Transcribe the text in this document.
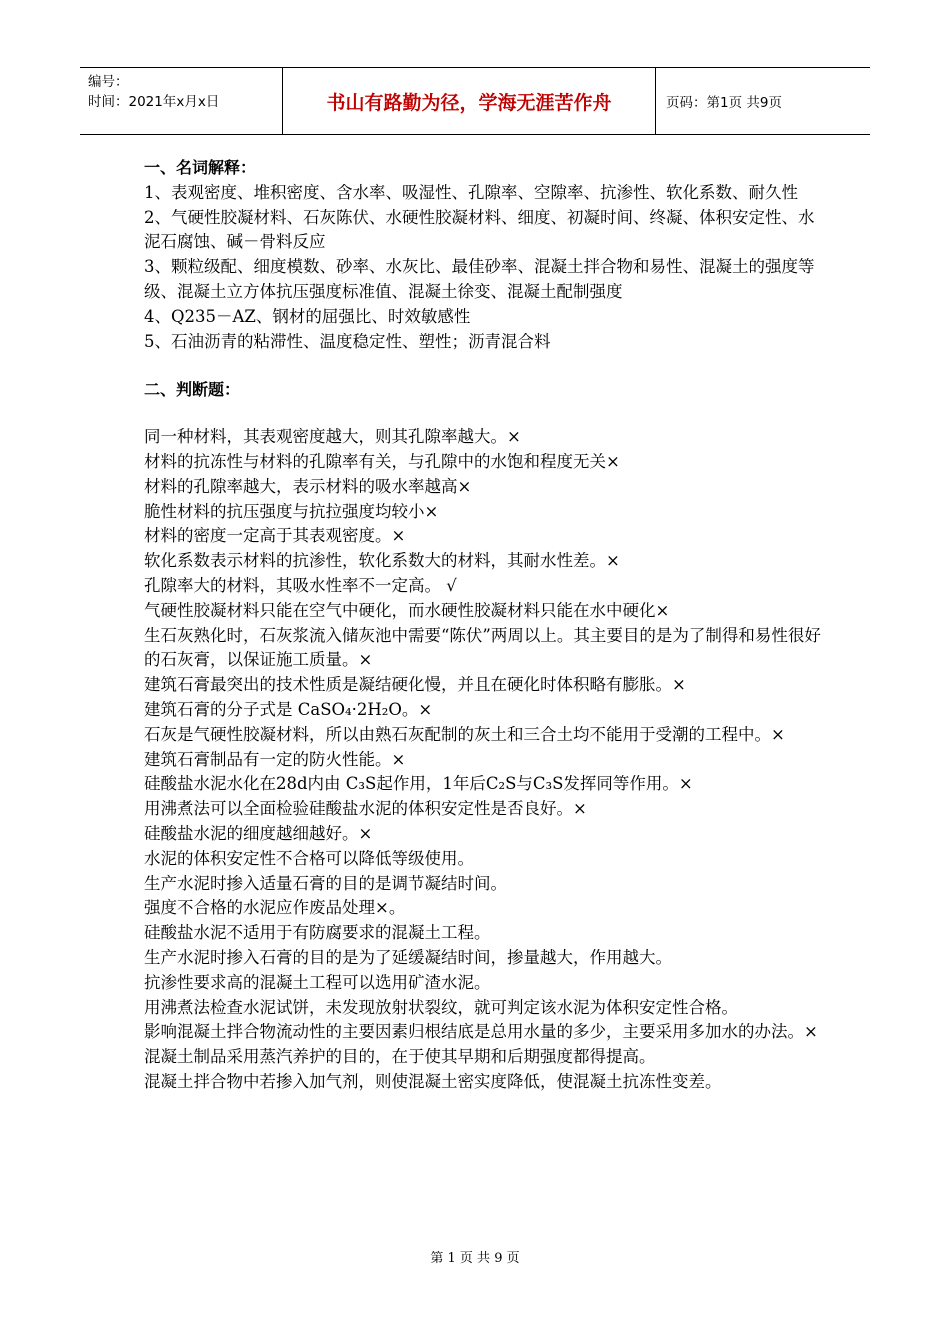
编号：
时间：2021年x月x日	书山有路勤为径，学海无涯苦作舟	页码：第1页 共9页
一、名词解释：

1、表观密度、堆积密度、含水率、吸湿性、孔隙率、空隙率、抗渗性、软化系数、耐久性

2、气硬性胶凝材料、石灰陈伏、水硬性胶凝材料、细度、初凝时间、终凝、体积安定性、水泥石腐蚀、碱－骨料反应

3、颗粒级配、细度模数、砂率、水灰比、最佳砂率、混凝土拌合物和易性、混凝土的强度等级、混凝土立方体抗压强度标准值、混凝土徐变、混凝土配制强度

4、Q235－AZ、钢材的屈强比、时效敏感性

5、石油沥青的粘滞性、温度稳定性、塑性；沥青混合料

二、判断题：

同一种材料，其表观密度越大，则其孔隙率越大。×

材料的抗冻性与材料的孔隙率有关，与孔隙中的水饱和程度无关×

材料的孔隙率越大，表示材料的吸水率越高×

脆性材料的抗压强度与抗拉强度均较小×

材料的密度一定高于其表观密度。×

软化系数表示材料的抗渗性，软化系数大的材料，其耐水性差。×

孔隙率大的材料，其吸水性率不一定高。 √

气硬性胶凝材料只能在空气中硬化，而水硬性胶凝材料只能在水中硬化×

生石灰熟化时，石灰浆流入储灰池中需要“陈伏”两周以上。其主要目的是为了制得和易性很好的石灰膏，以保证施工质量。×

建筑石膏最突出的技术性质是凝结硬化慢，并且在硬化时体积略有膨胀。×

建筑石膏的分子式是 CaSO₄·2H₂O。×

石灰是气硬性胶凝材料，所以由熟石灰配制的灰土和三合土均不能用于受潮的工程中。×

建筑石膏制品有一定的防火性能。×

硅酸盐水泥水化在28d内由 C₃S起作用，1年后C₂S与C₃S发挥同等作用。×

用沸煮法可以全面检验硅酸盐水泥的体积安定性是否良好。×

硅酸盐水泥的细度越细越好。×

水泥的体积安定性不合格可以降低等级使用。

生产水泥时掺入适量石膏的目的是调节凝结时间。

强度不合格的水泥应作废品处理×。

硅酸盐水泥不适用于有防腐要求的混凝土工程。

生产水泥时掺入石膏的目的是为了延缓凝结时间，掺量越大，作用越大。

抗渗性要求高的混凝土工程可以选用矿渣水泥。

用沸煮法检查水泥试饼，未发现放射状裂纹，就可判定该水泥为体积安定性合格。

影响混凝土拌合物流动性的主要因素归根结底是总用水量的多少，主要采用多加水的办法。×

混凝土制品采用蒸汽养护的目的，在于使其早期和后期强度都得提高。

混凝土拌合物中若掺入加气剂，则使混凝土密实度降低，使混凝土抗冻性变差。

第 1 页 共 9 页
